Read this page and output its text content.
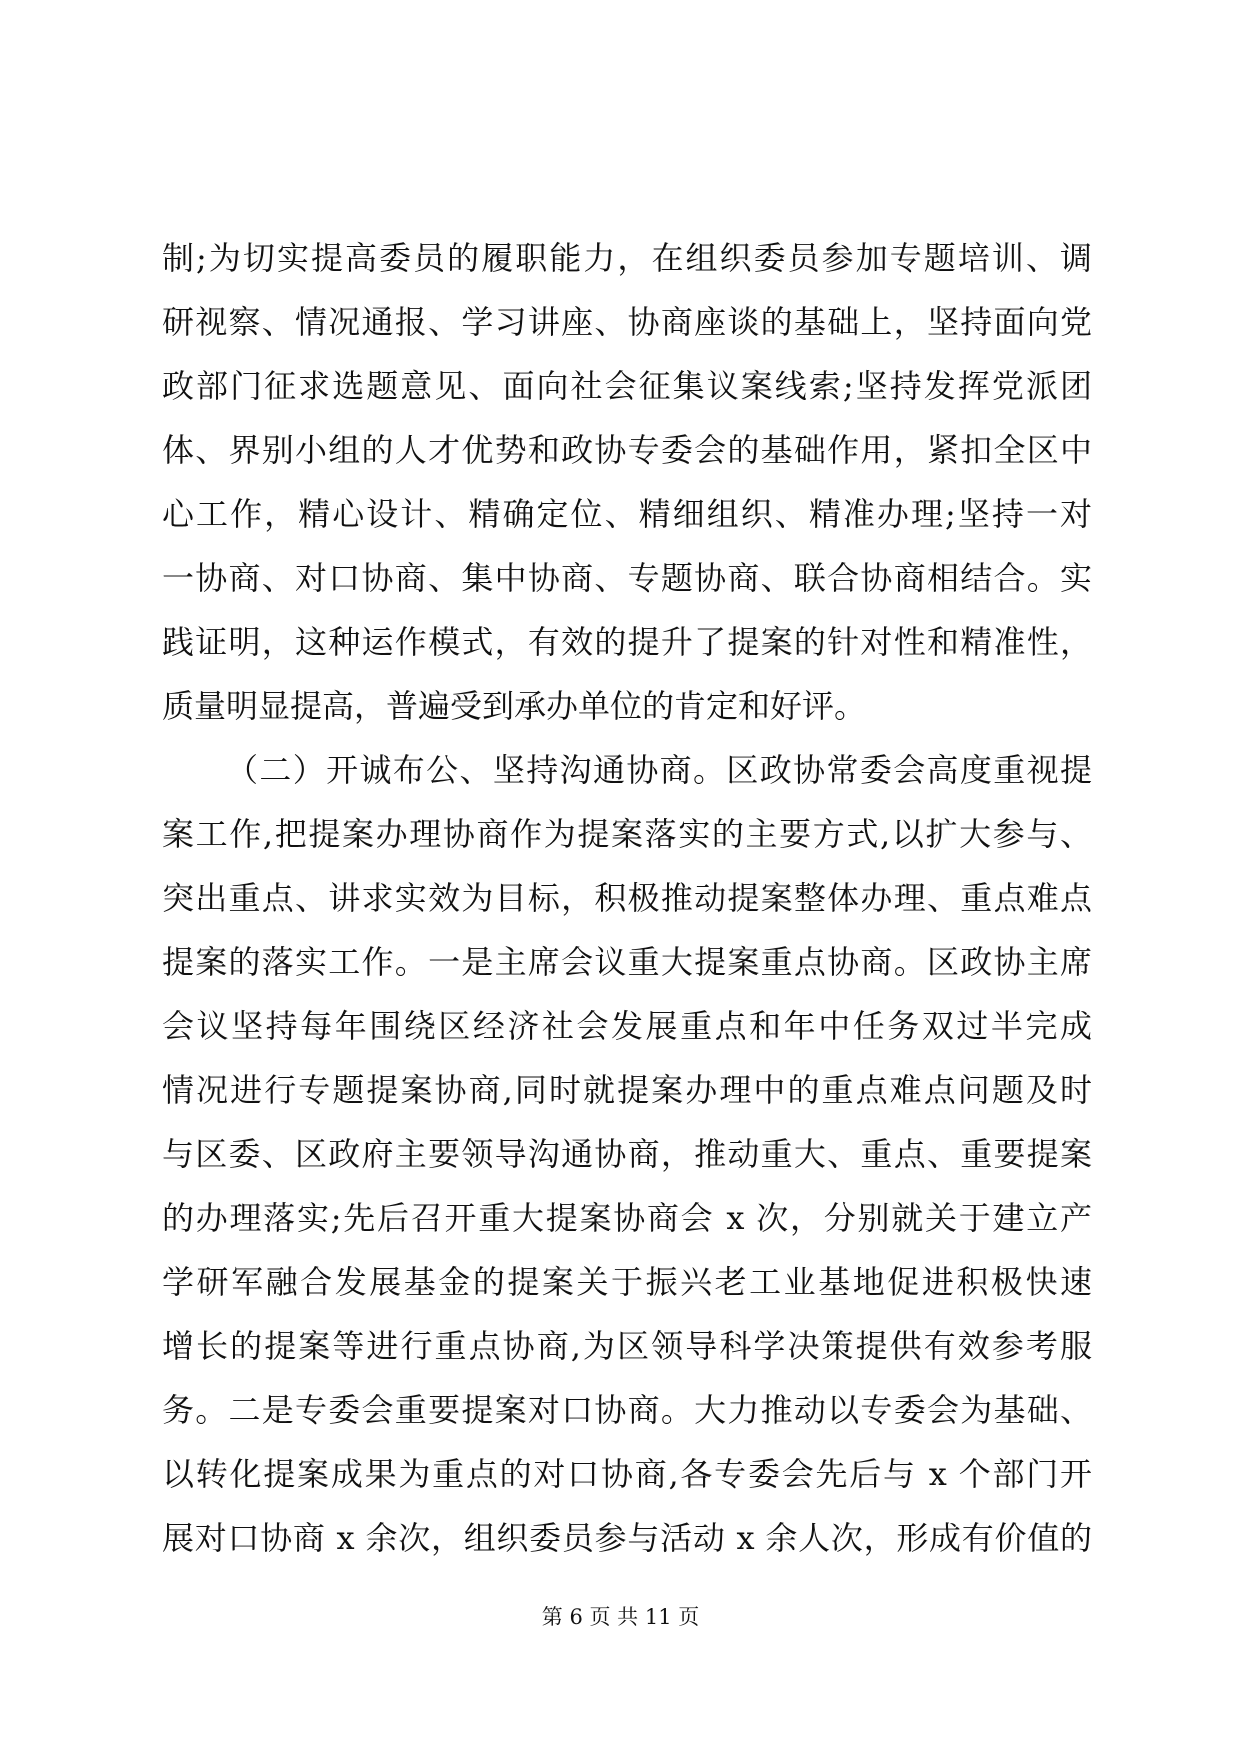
制;为切实提高委员的履职能力，在组织委员参加专题培训、调
研视察、情况通报、学习讲座、协商座谈的基础上，坚持面向党
政部门征求选题意见、面向社会征集议案线索;坚持发挥党派团
体、界别小组的人才优势和政协专委会的基础作用，紧扣全区中
心工作，精心设计、精确定位、精细组织、精准办理;坚持一对
一协商、对口协商、集中协商、专题协商、联合协商相结合。实
践证明，这种运作模式，有效的提升了提案的针对性和精准性，
质量明显提高，普遍受到承办单位的肯定和好评。
（二）开诚布公、坚持沟通协商。区政协常委会高度重视提
案工作,把提案办理协商作为提案落实的主要方式,以扩大参与、
突出重点、讲求实效为目标，积极推动提案整体办理、重点难点
提案的落实工作。一是主席会议重大提案重点协商。区政协主席
会议坚持每年围绕区经济社会发展重点和年中任务双过半完成
情况进行专题提案协商,同时就提案办理中的重点难点问题及时
与区委、区政府主要领导沟通协商，推动重大、重点、重要提案
的办理落实;先后召开重大提案协商会 x 次，分别就关于建立产
学研军融合发展基金的提案关于振兴老工业基地促进积极快速
增长的提案等进行重点协商,为区领导科学决策提供有效参考服
务。二是专委会重要提案对口协商。大力推动以专委会为基础、
以转化提案成果为重点的对口协商,各专委会先后与 x 个部门开
展对口协商 x 余次，组织委员参与活动 x 余人次，形成有价值的
第 6 页 共 11 页
